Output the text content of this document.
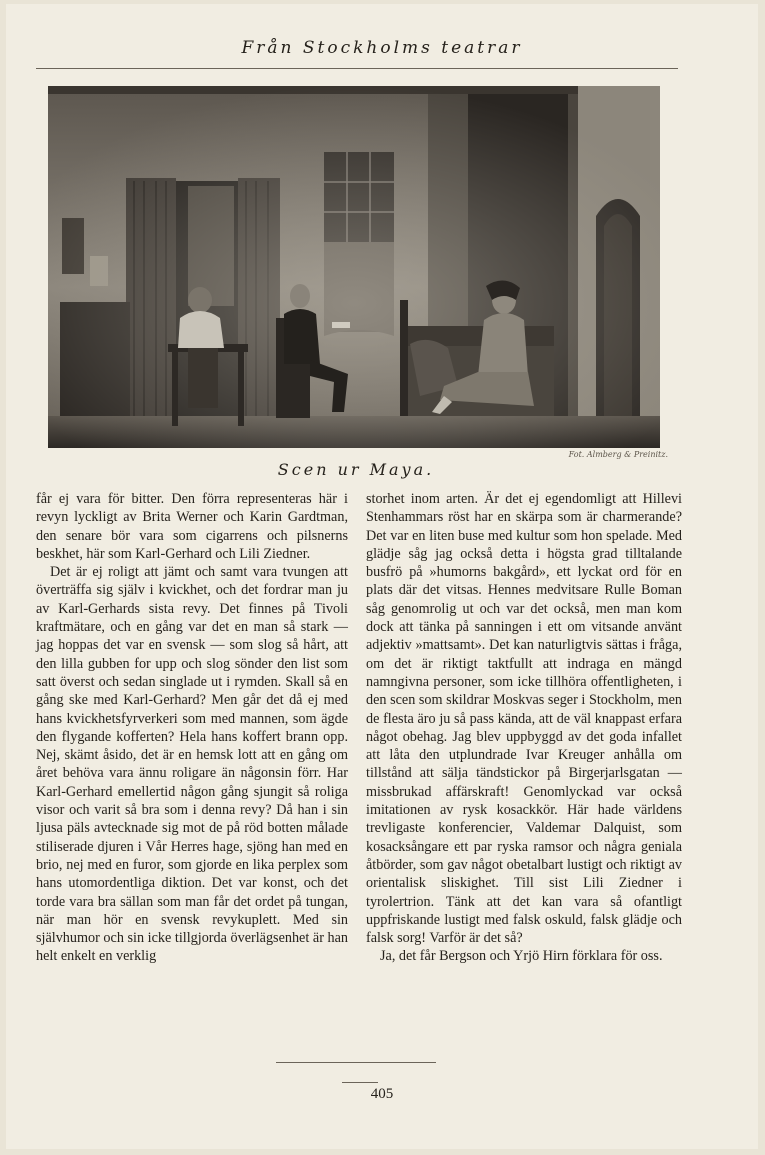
Från Stockholms teatrar
Fot. Almberg & Preinitz.
Scen ur Maya.

får ej vara för bitter. Den förra representeras här i revyn lyckligt av Brita Werner och Karin Gardtman, den senare bör vara som cigarrens och pilsnerns beskhet, här som Karl-Gerhard och Lili Ziedner.

Det är ej roligt att jämt och samt vara tvungen att överträffa sig själv i kvickhet, och det fordrar man ju av Karl-Gerhards sista revy. Det finnes på Tivoli kraftmätare, och en gång var det en man så stark — jag hoppas det var en svensk — som slog så hårt, att den lilla gubben for upp och slog sönder den list som satt överst och sedan singlade ut i rymden. Skall så en gång ske med Karl-Gerhard? Men går det då ej med hans kvickhetsfyrverkeri som med mannen, som ägde den flygande kofferten? Hela hans koffert brann opp. Nej, skämt åsido, det är en hemsk lott att en gång om året behöva vara ännu roligare än någonsin förr. Har Karl-Gerhard emellertid någon gång sjungit så roliga visor och varit så bra som i denna revy? Då han i sin ljusa päls avtecknade sig mot de på röd botten målade stiliserade djuren i Vår Herres hage, sjöng han med en brio, nej med en furor, som gjorde en lika perplex som hans utomordentliga diktion. Det var konst, och det torde vara bra sällan som man får det ordet på tungan, när man hör en svensk revykuplett. Med sin självhumor och sin icke tillgjorda överlägsenhet är han helt enkelt en verklig

storhet inom arten. Är det ej egendomligt att Hillevi Stenhammars röst har en skärpa som är charmerande? Det var en liten buse med kultur som hon spelade. Med glädje såg jag också detta i högsta grad tilltalande busfrö på »humorns bakgård», ett lyckat ord för en plats där det vitsas. Hennes medvitsare Rulle Boman såg genomrolig ut och var det också, men man kom dock att tänka på sanningen i ett om vitsande använt adjektiv »mattsamt». Det kan naturligtvis sättas i fråga, om det är riktigt taktfullt att indraga en mängd namngivna personer, som icke tillhöra offentligheten, i den scen som skildrar Moskvas seger i Stockholm, men de flesta äro ju så pass kända, att de väl knappast erfara något obehag. Jag blev uppbyggd av det goda infallet att låta den utplundrade Ivar Kreuger anhålla om tillstånd att sälja tändstickor på Birgerjarlsgatan — missbrukad affärskraft! Genomlyckad var också imitationen av rysk kosackkör. Här hade världens trevligaste konferencier, Valdemar Dalquist, som kosacksångare ett par ryska ramsor och några geniala åtbörder, som gav något obetalbart lustigt och riktigt av orientalisk sliskighet. Till sist Lili Ziedner i tyrolertrion. Tänk att det kan vara så ofantligt uppfriskande lustigt med falsk oskuld, falsk glädje och falsk sorg! Varför är det så?

Ja, det får Bergson och Yrjö Hirn förklara för oss.

405
